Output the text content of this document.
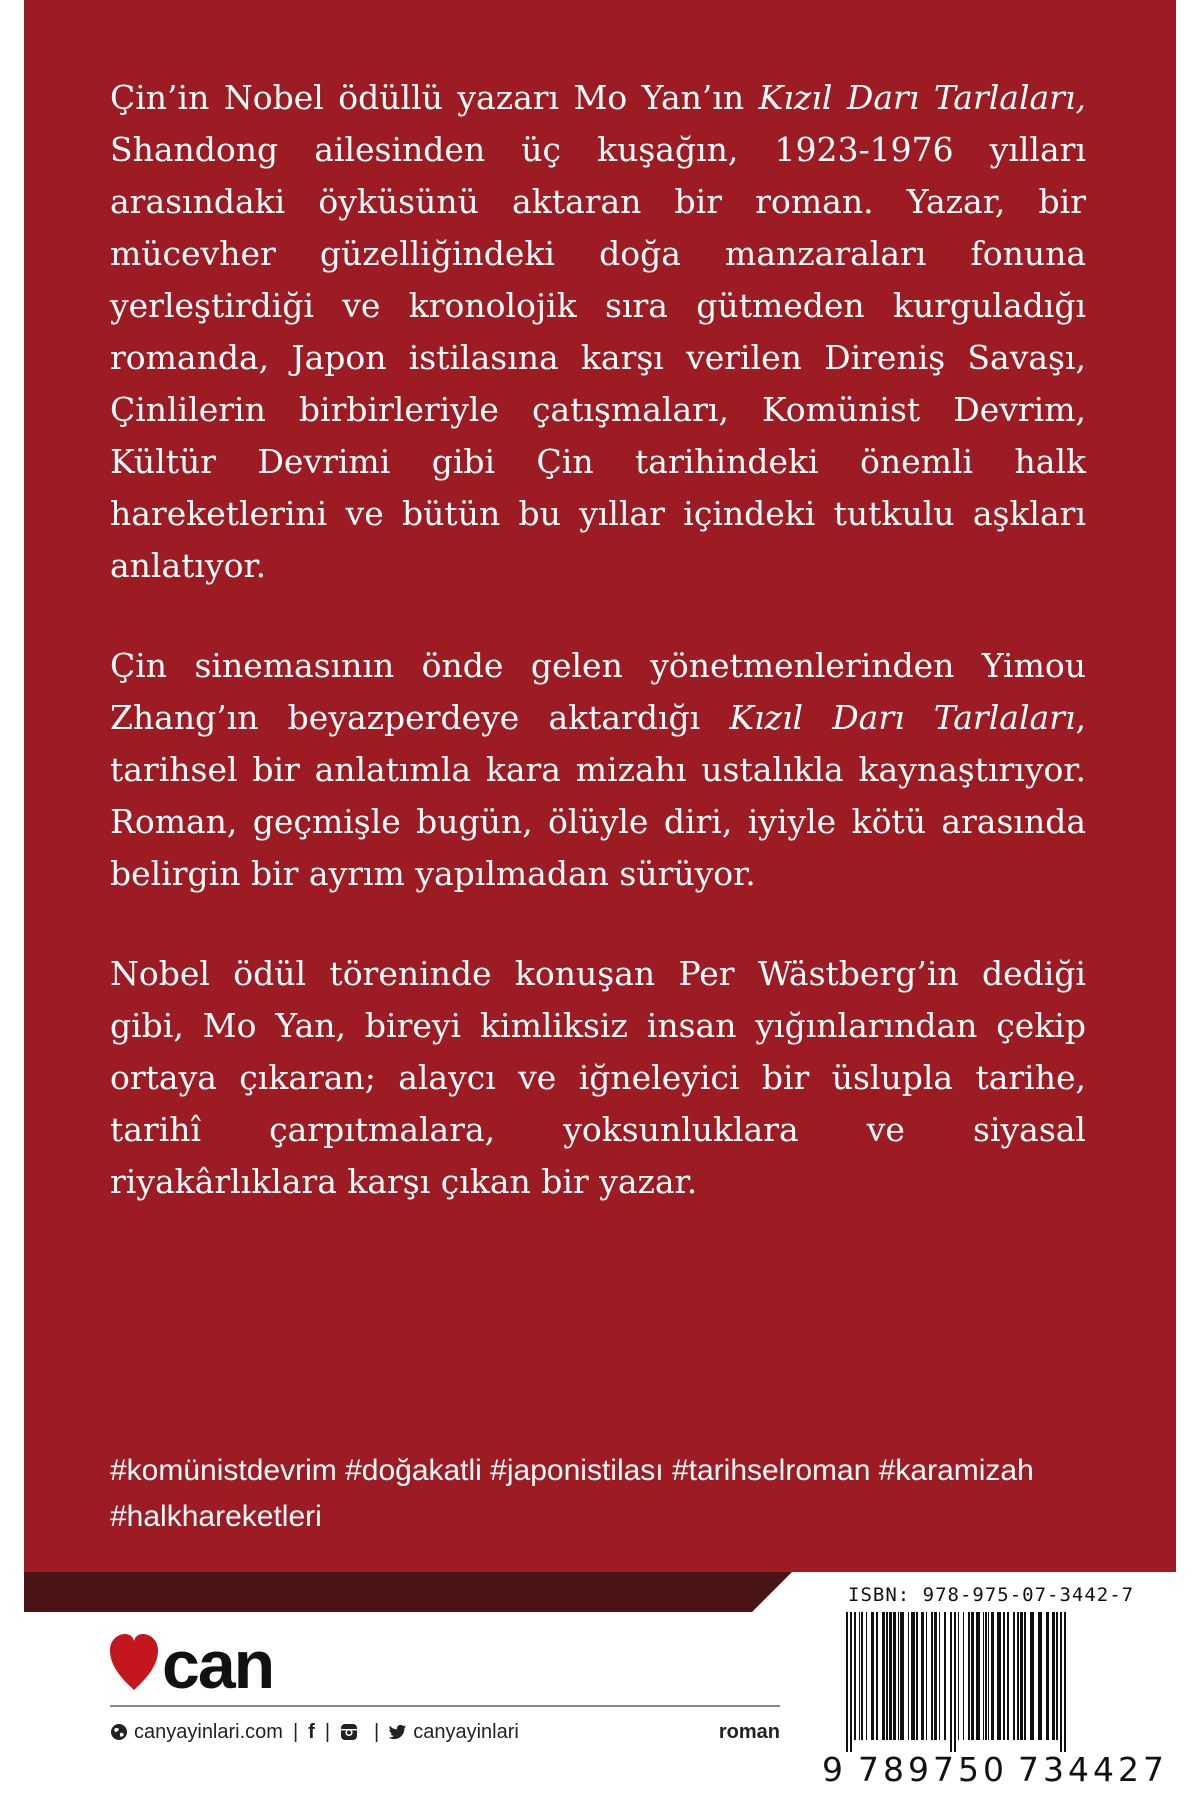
Çin’in Nobel ödüllü yazarı Mo Yan’ın Kızıl Darı Tarlaları, Shandong ailesinden üç kuşağın, 1923-1976 yılları arasındaki öyküsünü aktaran bir roman. Yazar, bir mücevher güzelliğindeki doğa manzaraları fonuna yerleştirdiği ve kronolojik sıra gütmeden kurguladığı romanda, Japon istilasına karşı verilen Direniş Savaşı, Çinlilerin birbirleriyle çatışmaları, Komünist Devrim, Kültür Devrimi gibi Çin tarihindeki önemli halk hareketlerini ve bütün bu yıllar içindeki tutkulu aşkları anlatıyor.

Çin sinemasının önde gelen yönetmenlerinden Yimou Zhang’ın beyazperdeye aktardığı Kızıl Darı Tarlaları, tarihsel bir anlatımla kara mizahı ustalıkla kaynaştırıyor. Roman, geçmişle bugün, ölüyle diri, iyiyle kötü arasında belirgin bir ayrım yapılmadan sürüyor.

Nobel ödül töreninde konuşan Per Wästberg’in dediği gibi, Mo Yan, bireyi kimliksiz insan yığınlarından çekip ortaya çıkaran; alaycı ve iğneleyici bir üslupla tarihe, tarihî çarpıtmalara, yoksunluklara ve siyasal riyakârlıklara karşı çıkan bir yazar.

#komünistdevrim #doğakatli #japonistilası #tarihselroman #karamizah #halkhareketleri
can
canyayinlari.com | f | | canyayinlari	roman
ISBN: 978-975-07-3442-7
9 789750 734427
